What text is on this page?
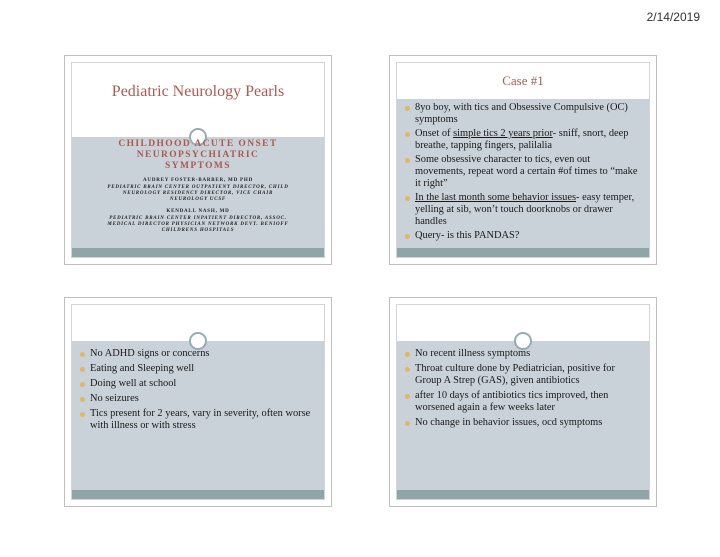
2/14/2019
Pediatric Neurology Pearls
CHILDHOOD ACUTE ONSET
NEUROPSYCHIATRIC
SYMPTOMS
AUDREY FOSTER-BARBER, MD PHD
PEDIATRIC BRAIN CENTER OUTPATIENT DIRECTOR, CHILD
NEUROLOGY RESIDENCY DIRECTOR, VICE CHAIR
NEUROLOGY UCSF
KENDALL NASH, MD
PEDIATRIC BRAIN CENTER INPATIENT DIRECTOR, ASSOC.
MEDICAL DIRECTOR PHYSICIAN NETWORK DEVT. BENIOFF
CHILDRENS HOSPITALS
Case #1
8yo boy, with tics and Obsessive Compulsive (OC) symptoms
Onset of simple tics 2 years prior- sniff, snort, deep breathe, tapping fingers, palilalia
Some obsessive character to tics, even out movements, repeat word a certain #of times to “make it right”
In the last month some behavior issues- easy temper, yelling at sib, won’t touch doorknobs or drawer handles
Query- is this PANDAS?
No ADHD signs or concerns
Eating and Sleeping well
Doing well at school
No seizures
Tics present for 2 years, vary in severity, often worse with illness or with stress
No recent illness symptoms
Throat culture done by Pediatrician, positive for Group A Strep (GAS), given antibiotics
after 10 days of antibiotics tics improved, then worsened again a few weeks later
No change in behavior issues, ocd symptoms
